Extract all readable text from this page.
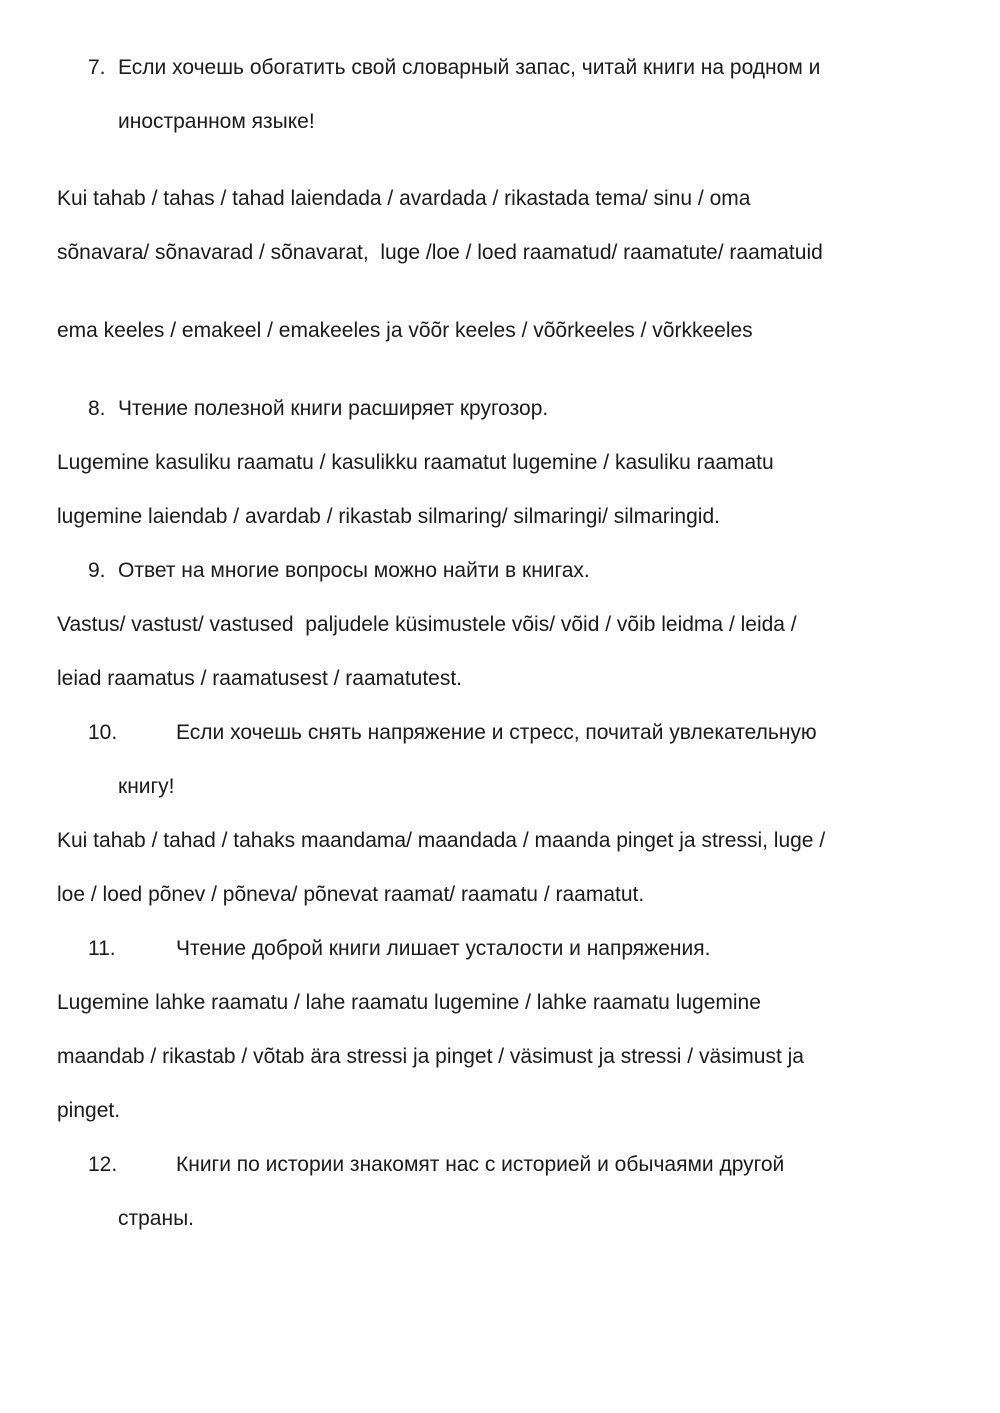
7. Если хочешь обогатить свой словарный запас, читай книги на родном и
иностранном языке!
Kui tahab / tahas / tahad laiendada / avardada / rikastada tema/ sinu / oma
sõnavara/ sõnavarad / sõnavarat,  luge /loe / loed raamatud/ raamatute/ raamatuid
ema keeles / emakeel / emakeeles ja võõr keeles / võõrkeeles / võrkkeeles
8. Чтение полезной книги расширяет кругозор.
Lugemine kasuliku raamatu / kasulikku raamatut lugemine / kasuliku raamatu
lugemine laiendab / avardab / rikastab silmaring/ silmaringi/ silmaringid.
9. Ответ на многие вопросы можно найти в книгах.
Vastus/ vastust/ vastused  paljudele küsimustele võis/ võid / võib leidma / leida /
leiad raamatus / raamatusest / raamatutest.
10.	Если хочешь снять напряжение и стресс, почитай увлекательную
книгу!
Kui tahab / tahad / tahaks maandama/ maandada / maanda pinget ja stressi, luge /
loe / loed põnev / põneva/ põnevat raamat/ raamatu / raamatut.
11.	Чтение доброй книги лишает усталости и напряжения.
Lugemine lahke raamatu / lahe raamatu lugemine / lahke raamatu lugemine
maandab / rikastab / võtab ära stressi ja pinget / väsimust ja stressi / väsimust ja
pinget.
12.	Книги по истории знакомят нас с историей и обычаями другой
страны.
